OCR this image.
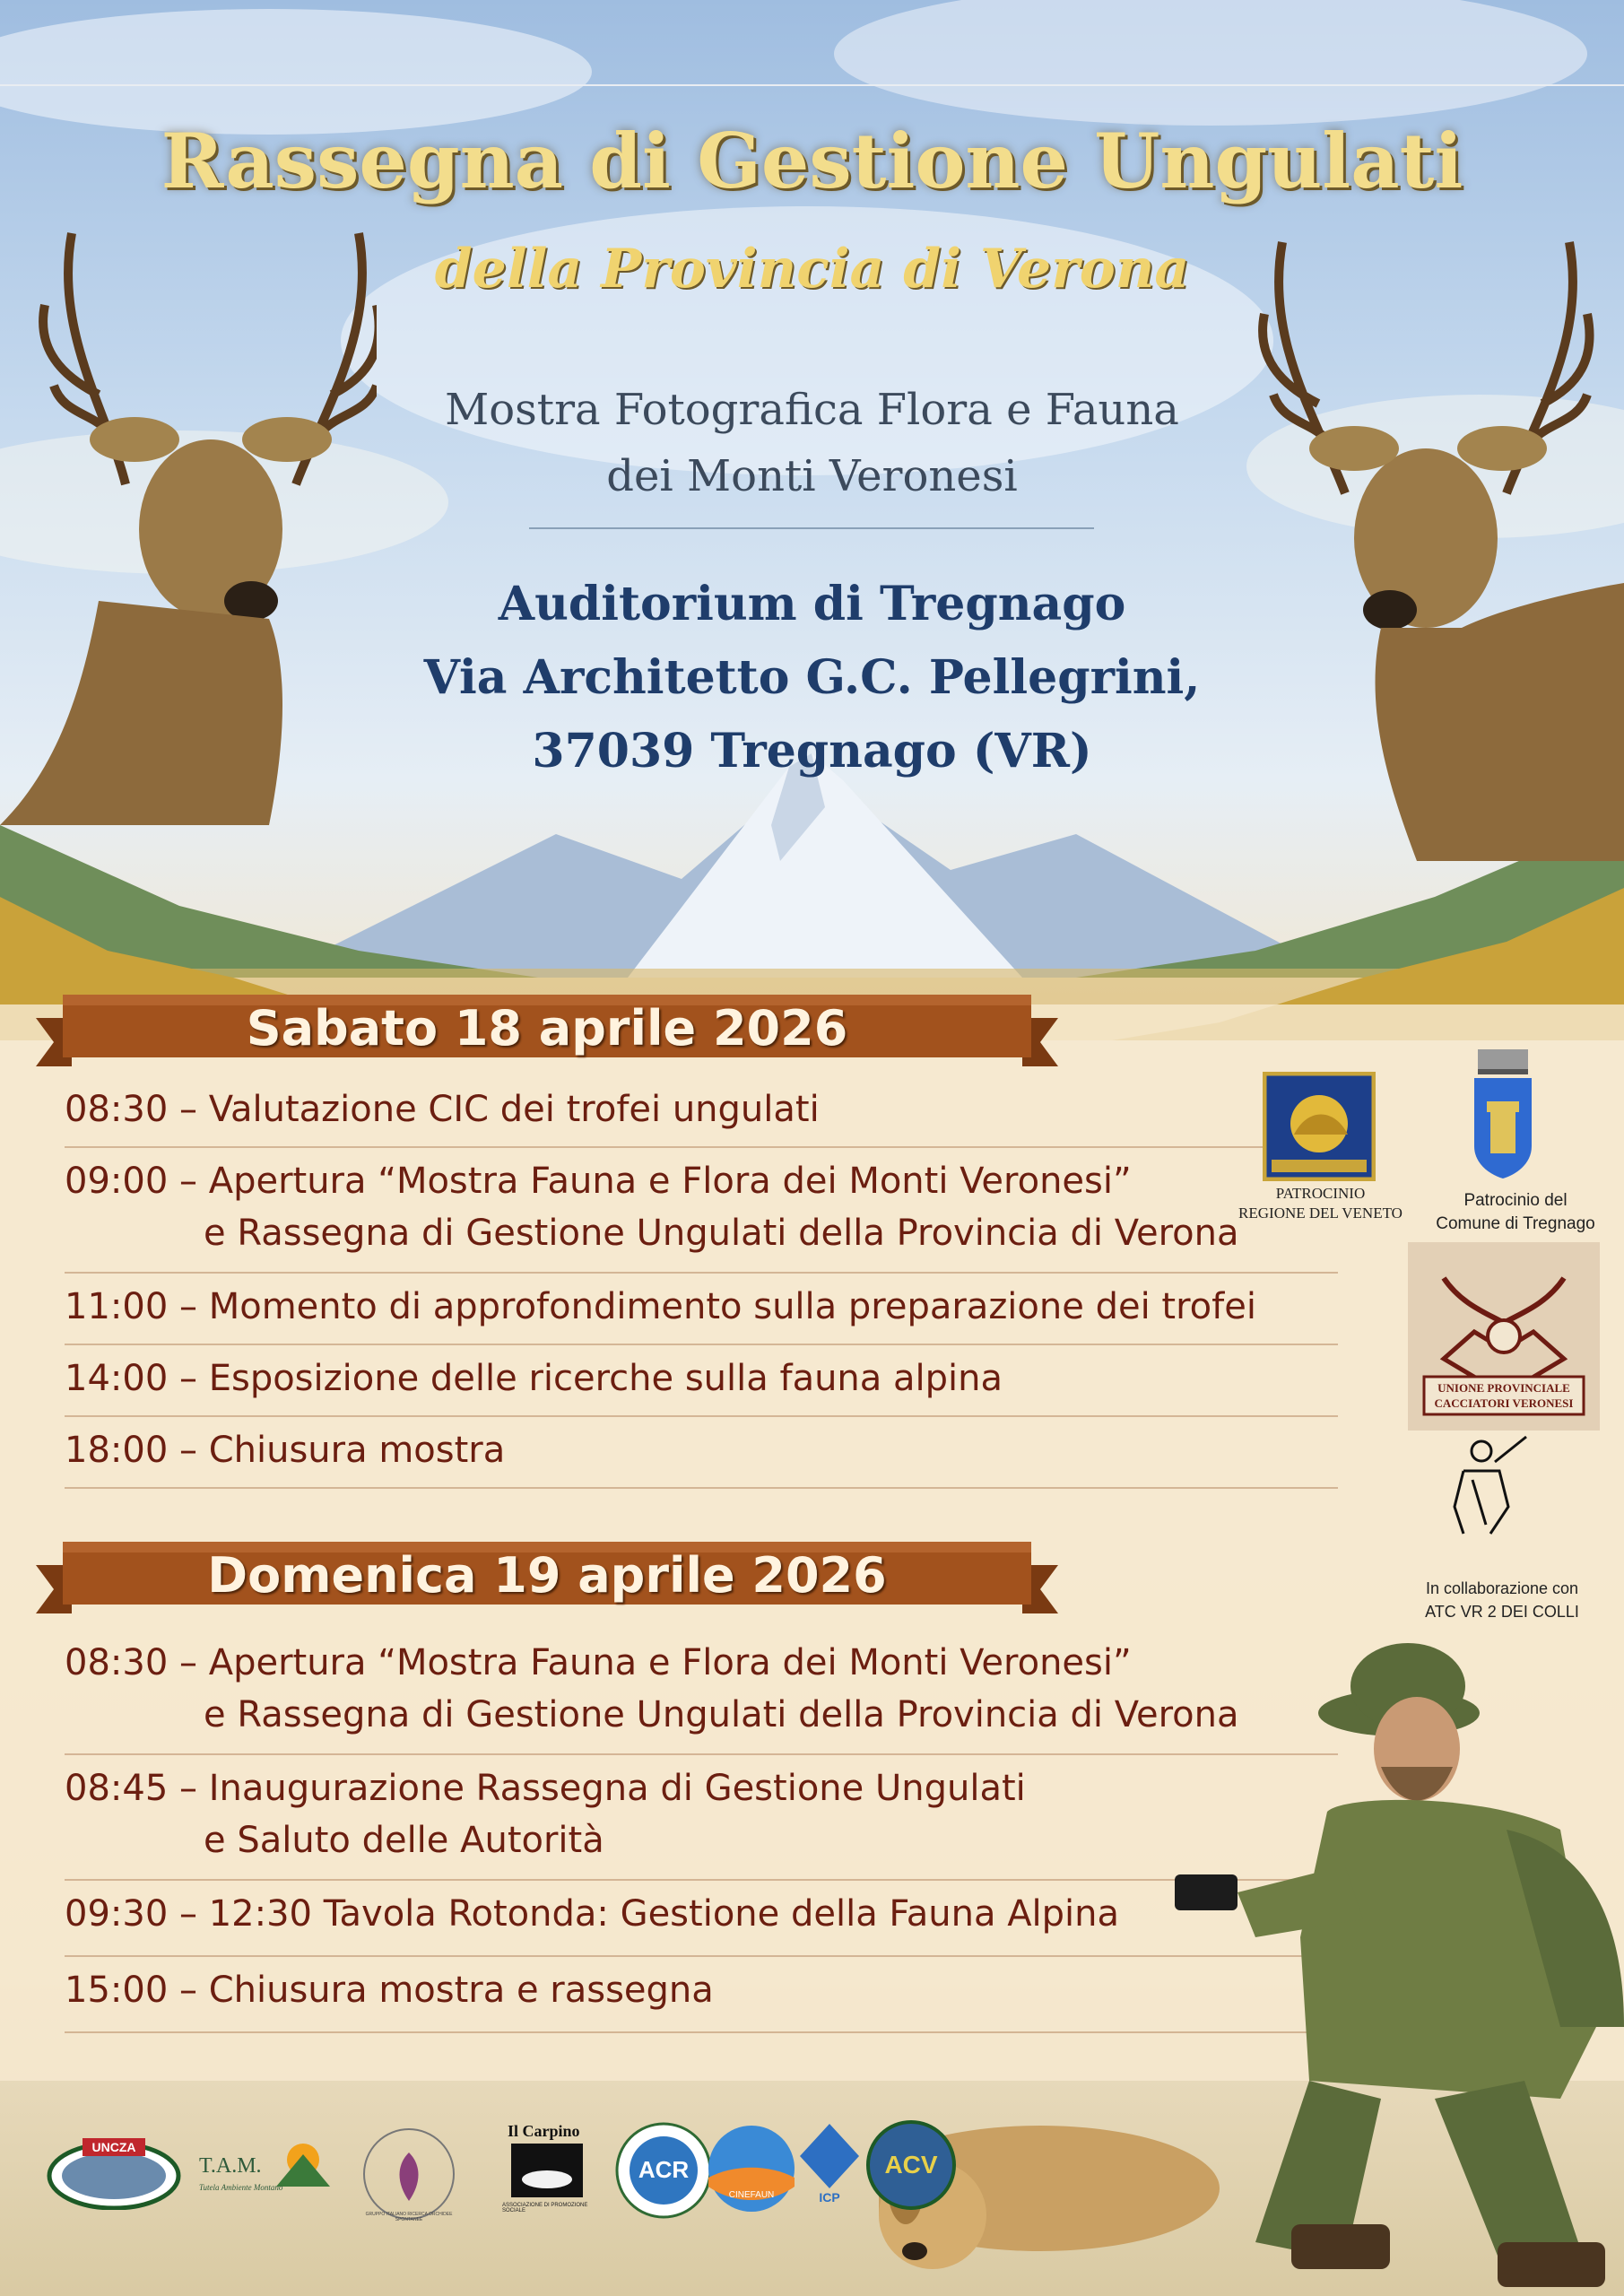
Rassegna di Gestione Ungulati
della Provincia di Verona
Mostra Fotografica Flora e Fauna
dei Monti Veronesi
Auditorium di Tregnago
Via Architetto G.C. Pellegrini,
37039 Tregnago (VR)
Sabato 18 aprile 2026
08:30 – Valutazione CIC dei trofei ungulati
09:00 – Apertura “Mostra Fauna e Flora dei Monti Veronesi”
e Rassegna di Gestione Ungulati della Provincia di Verona
11:00 – Momento di approfondimento sulla preparazione dei trofei
14:00 – Esposizione delle ricerche sulla fauna alpina
18:00 – Chiusura mostra
Domenica 19 aprile 2026
08:30 – Apertura “Mostra Fauna e Flora dei Monti Veronesi”
e Rassegna di Gestione Ungulati della Provincia di Verona
08:45 – Inaugurazione Rassegna di Gestione Ungulati
e Saluto delle Autorità
09:30 – 12:30 Tavola Rotonda: Gestione della Fauna Alpina
15:00 – Chiusura mostra e rassegna
PATROCINIO
REGIONE DEL VENETO
Patrocinio del
Comune di Tregnago
UNIONE PROVINCIALE
CACCIATORI VERONESI
In collaborazione con
ATC VR 2 DEI COLLI
UNCZA
T.A.M.
Tutela Ambiente Montano
GRUPPO ITALIANO RICERCA ORCHIDEE SPONTANEE
Il Carpino
ASSOCIAZIONE DI PROMOZIONE SOCIALE
ACR
CINEFAUN	ICP
ACV
